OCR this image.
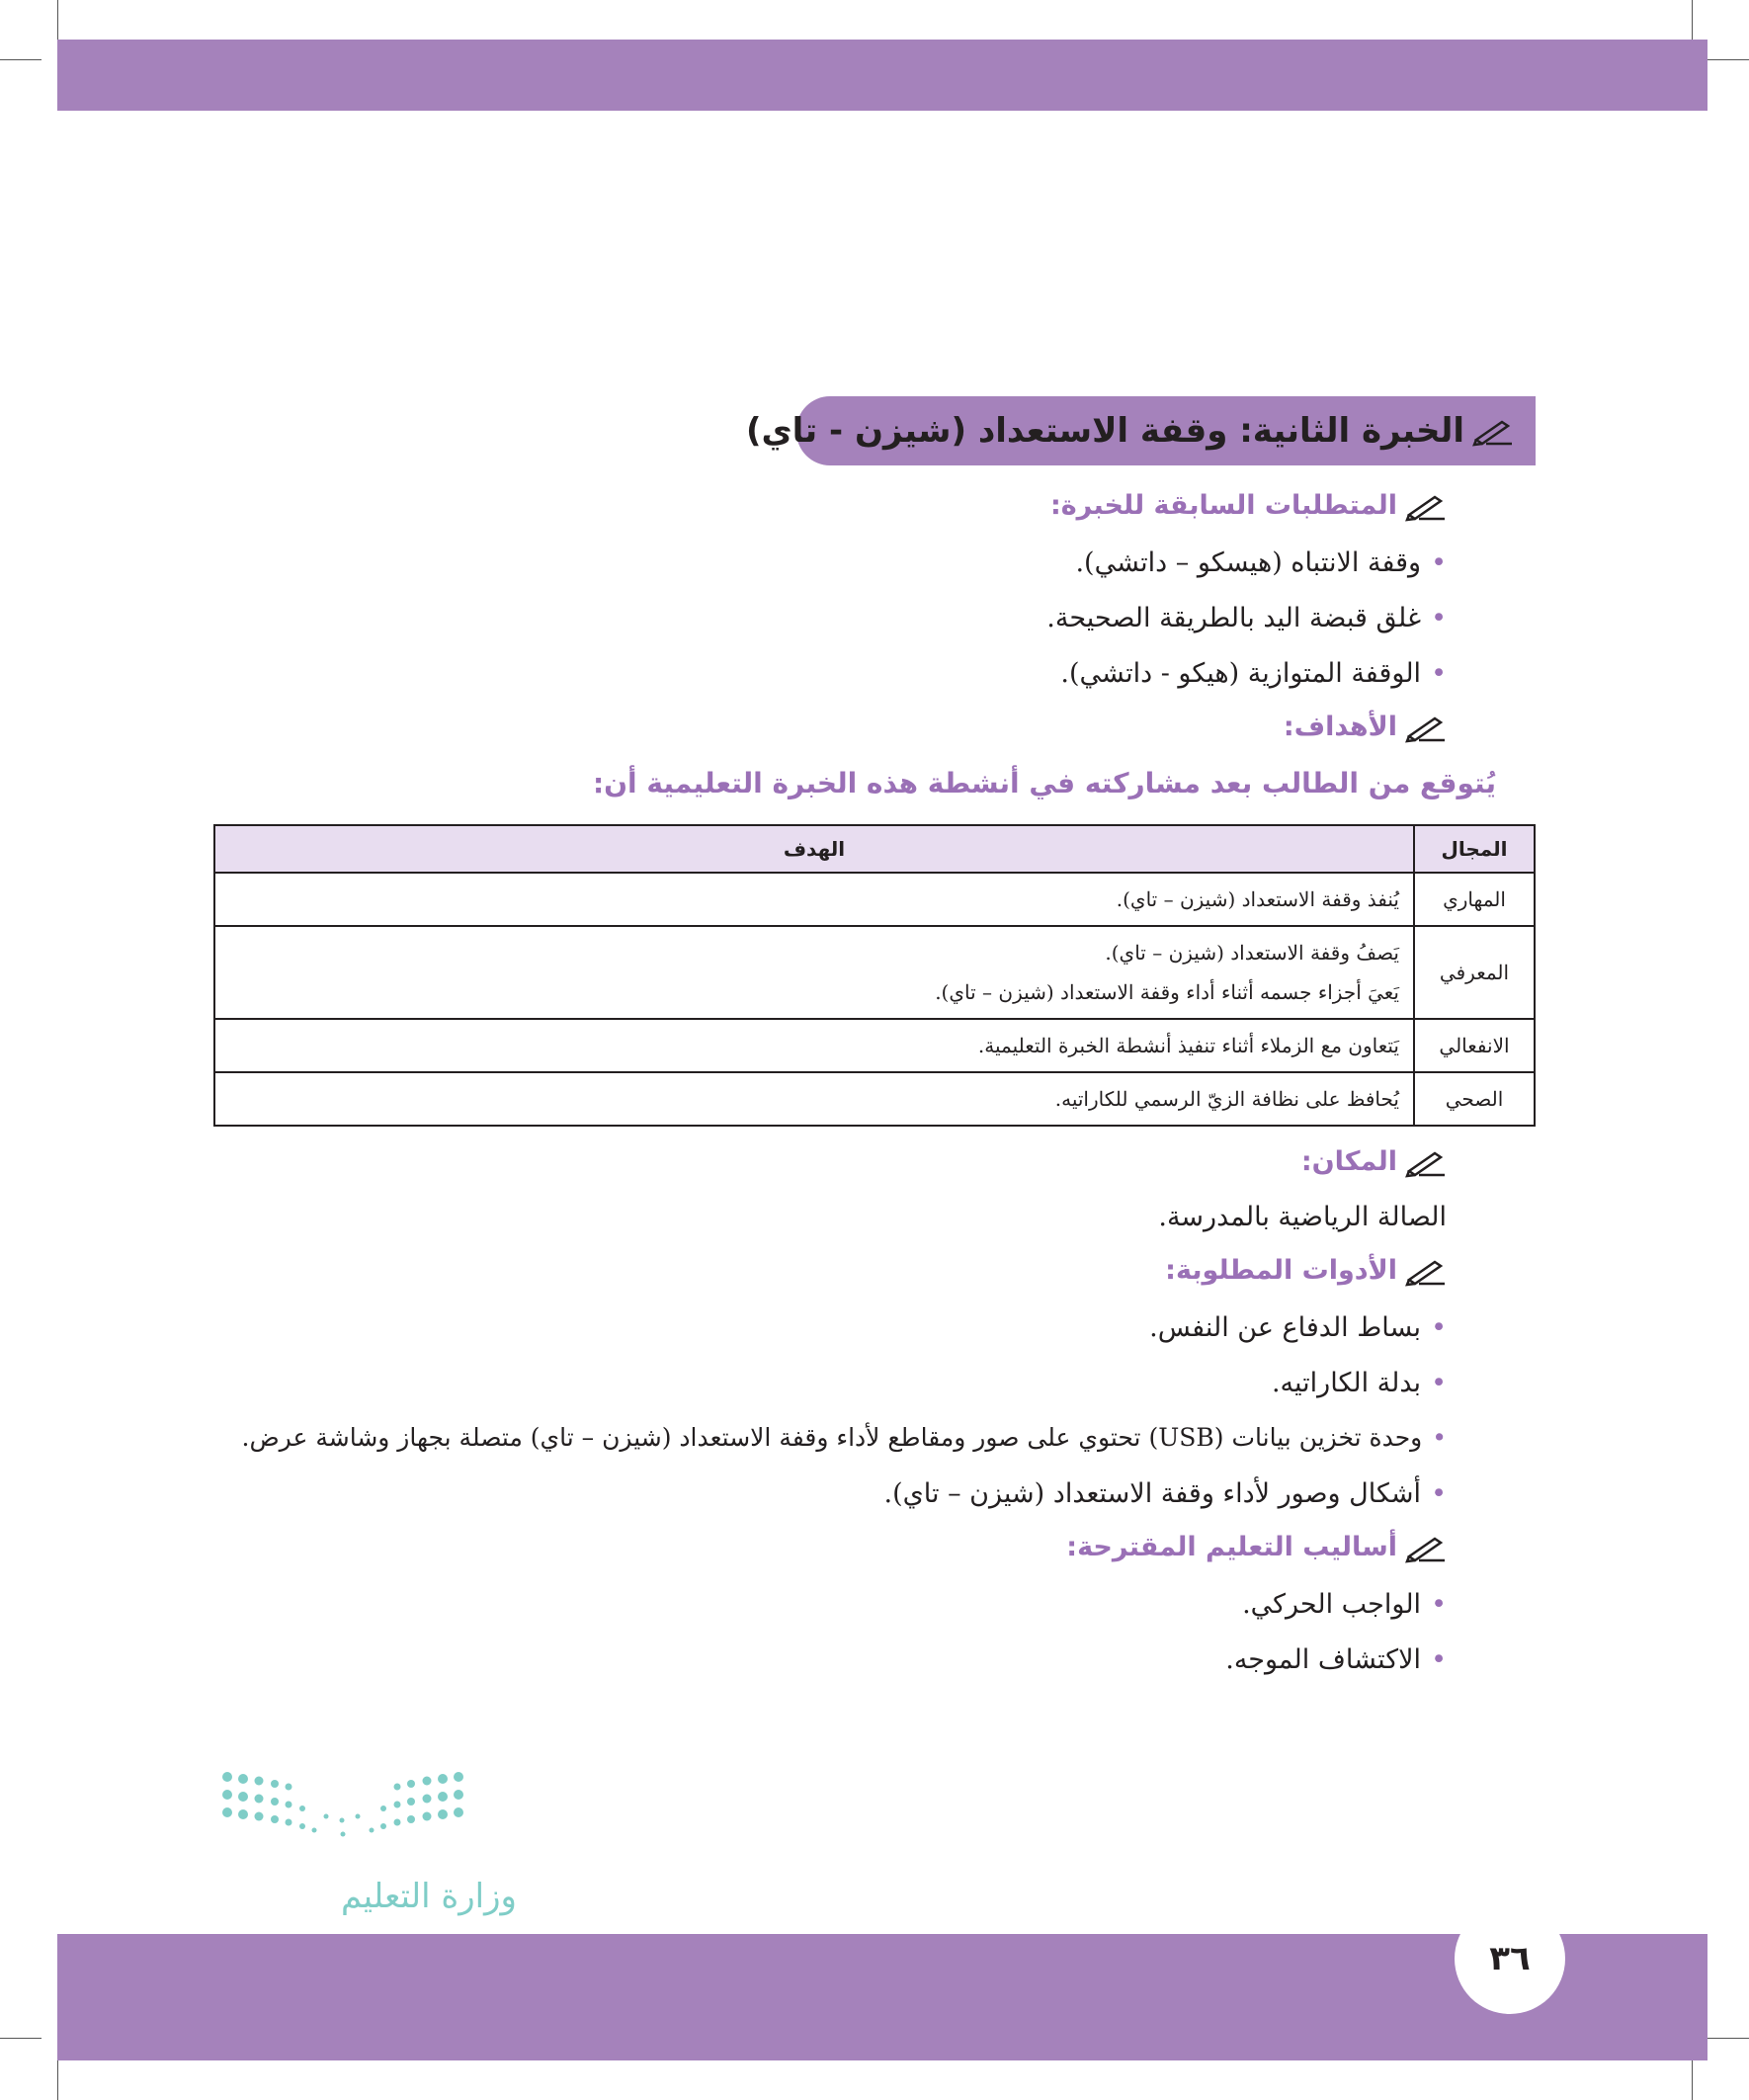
الخبرة الثانية: وقفة الاستعداد (شيزن - تاي)
المتطلبات السابقة للخبرة:
•وقفة الانتباه (هيسكو – داتشي).
•غلق قبضة اليد بالطريقة الصحيحة.
•الوقفة المتوازية (هيكو - داتشي).
الأهداف:
يُتوقع من الطالب بعد مشاركته في أنشطة هذه الخبرة التعليمية أن:
المجال	الهدف
المهاري	يُنفذ وقفة الاستعداد (شيزن – تاي).

المعرفي	يَصفُ وقفة الاستعداد (شيزن – تاي).
يَعيَ أجزاء جسمه أثناء أداء وقفة الاستعداد (شيزن – تاي).

الانفعالي	يَتعاون مع الزملاء أثناء تنفيذ أنشطة الخبرة التعليمية.

الصحي	يُحافظ على نظافة الزيّ الرسمي للكاراتيه.
المكان:
الصالة الرياضية بالمدرسة.
الأدوات المطلوبة:
•بساط الدفاع عن النفس.
•بدلة الكاراتيه.
•وحدة تخزين بيانات (USB) تحتوي على صور ومقاطع لأداء وقفة الاستعداد (شيزن – تاي) متصلة بجهاز وشاشة عرض.
•أشكال وصور لأداء وقفة الاستعداد (شيزن – تاي).
أساليب التعليم المقترحة:
•الواجب الحركي.
•الاكتشاف الموجه.
وزارة التعليم
٣٦
